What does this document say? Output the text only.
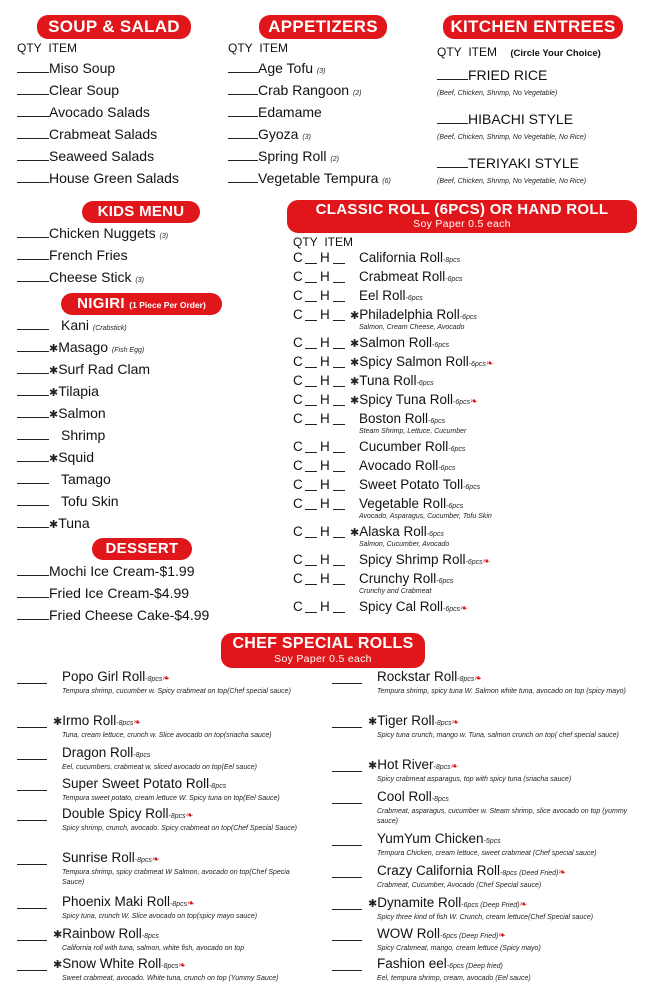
SOUP & SALAD
QTY ITEM
Miso Soup
Clear Soup
Avocado Salads
Crabmeat Salads
Seaweed Salads
House Green Salads
APPETIZERS
QTY ITEM
Age Tofu (3)
Crab Rangoon (2)
Edamame
Gyoza (3)
Spring Roll (2)
Vegetable Tempura (6)
KITCHEN ENTREES
QTY ITEM (Circle Your Choice)
FRIED RICE
(Beef, Chicken, Shrimp, No Vegetable)
HIBACHI STYLE
(Beef, Chicken, Shrimp, No Vegetable, No Rice)
TERIYAKI STYLE
(Beef, Chicken, Shrimp, No Vegetable, No Rice)
KIDS MENU
Chicken Nuggets (3)
French Fries
Cheese Stick (3)
NIGIRI (1 Piece Per Order)
Kani (Crabstick)
✱Masago (Fish Egg)
✱Surf Rad Clam
✱Tilapia
✱Salmon
Shrimp
✱Squid
Tamago
Tofu Skin
✱Tuna
DESSERT
Mochi Ice Cream-$1.99
Fried Ice Cream-$4.99
Fried Cheese Cake-$4.99
CLASSIC ROLL (6PCS) OR HAND ROLL
Soy Paper 0.5 each
QTY ITEM
C H California Roll-8pcs
C H Crabmeat Roll-6pcs
C H Eel Roll-6pcs
C H ✱Philadelphia Roll-6pcs
Salmon, Cream Cheese, Avocado
C H ✱Salmon Roll-6pcs
C H ✱Spicy Salmon Roll-6pcs❧
C H ✱Tuna Roll-6pcs
C H ✱Spicy Tuna Roll-6pcs❧
C H Boston Roll-6pcs
Steam Shrimp, Lettuce, Cucumber
C H Cucumber Roll-6pcs
C H Avocado Roll-6pcs
C H Sweet Potato Toll-6pcs
C H Vegetable Roll-6pcs
Avocado, Asparagus, Cucumber, Tofu Skin
C H ✱Alaska Roll-6pcs
Salmon, Cucumber, Avocado
C H Spicy Shrimp Roll-6pcs❧
C H Crunchy Roll-6pcs
Crunchy and Crabmeat
C H Spicy Cal Roll-6pcs❧
CHEF SPECIAL ROLLS
Soy Paper 0.5 each
Popo Girl Roll-8pcs❧
Tempura shrimp, cucumber w. Spicy crabmeat on top(Chef special sauce)
✱Irmo Roll-8pcs❧
Tuna, cream lettuce, crunch w. Slice avocado on top(sriacha sauce)
Dragon Roll-8pcs
Eel, cucumbers, crabmeat w, sliced avocado on top(Eel sauce)
Super Sweet Potato Roll-8pcs
Tempura sweet potato, cream lettuce W. Spicy tuna on top(Eel Sauce)
Double Spicy Roll-8pcs❧
Spicy shrimp, crunch, avocado. Spicy crabmeat on top(Chef Special Sauce)
Sunrise Roll-8pcs❧
Tempura shrimp, spicy crabmeat W Salmon, avocado on top(Chef Specia Sauce)
Phoenix Maki Roll-8pcs❧
Spicy tuna, crunch W. Slice avocado on top(spicy mayo sauce)
✱Rainbow Roll-8pcs
California roll with tuna, salmon, white fish, avocado on top
✱Snow White Roll-8pcs❧
Sweet crabmeat, avocado. White tuna, crunch on top (Yummy Sauce)
Rockstar Roll-8pcs❧
Tempura shrimp, spicy tuna W. Salmon white tuna, avocado on top (spicy mayo)
✱Tiger Roll-8pcs❧
Spicy tuna crunch, mango w. Tuna, salmon crunch on top( chef special sauce)
✱Hot River-8pcs❧
Spicy crabmeat asparagus, top with spicy tuna (sriacha sauce)
Cool Roll-8pcs
Crabmeat, asparagus, cucumber w. Steam shrimp, slice avocado on top (yummy sauce)
YumYum Chicken-5pcs
Tempura Chicken, cream lettuce, sweet crabmeat (Chef special sauce)
Crazy California Roll-8pcs (Deed Fried)❧
Crabmeat, Cucumber, Avocado (Chef Special sauce)
✱Dynamite Roll-6pcs (Deep Fried)❧
Spicy three kind of fish W. Crunch, cream lettuce(Chef Special sauce)
WOW Roll-6pcs (Deep Fried)❧
Spicy Crabmeat, mango, cream lettuce (Spicy mayo)
Fashion eel-6pcs (Deep fried)
Eel, tempura shrimp, cream, avocado (Eel sauce)
